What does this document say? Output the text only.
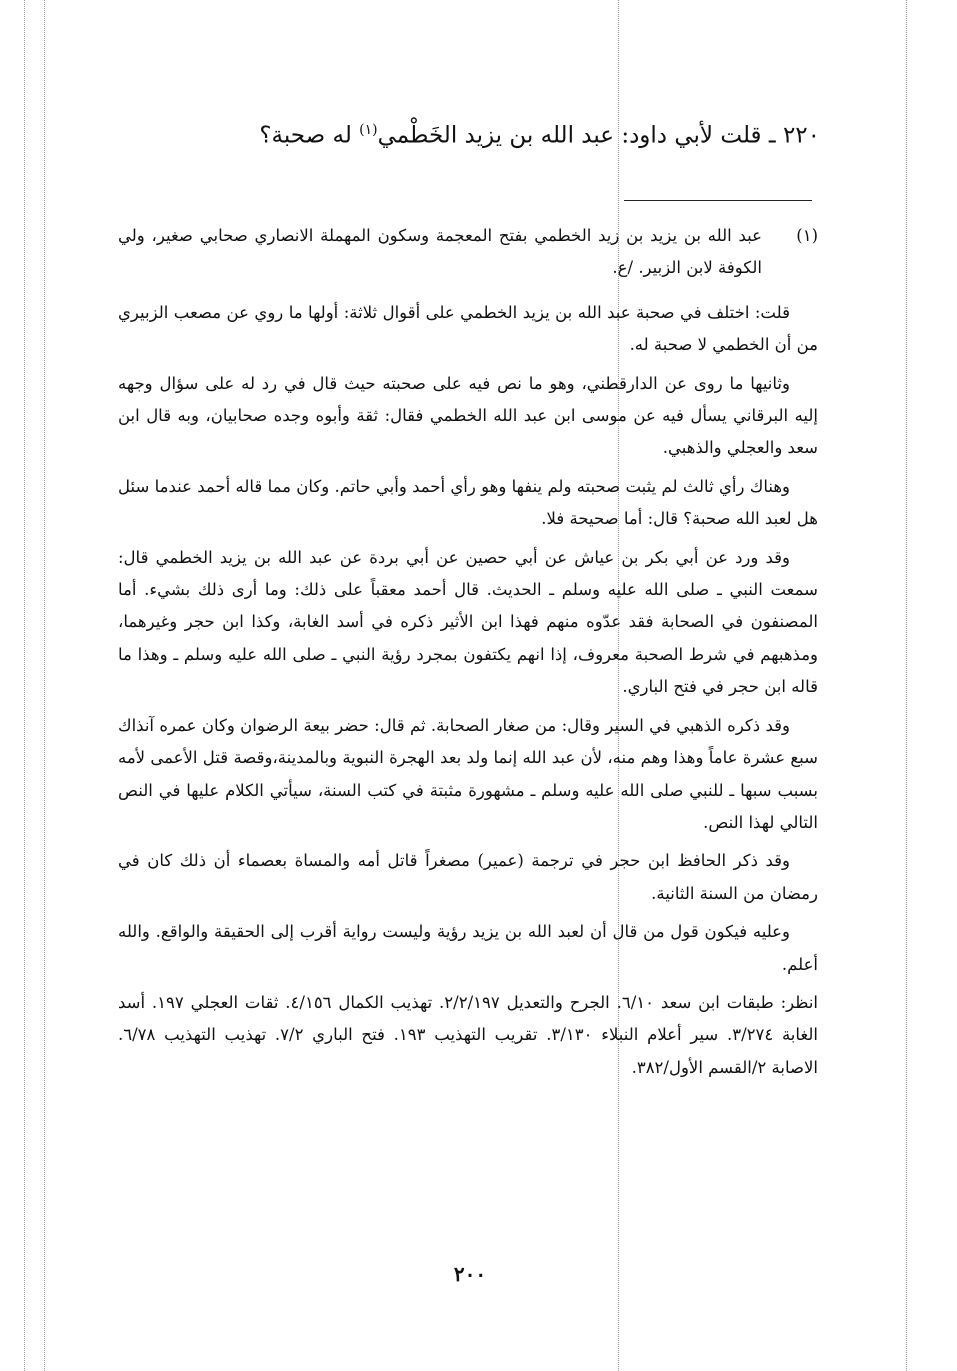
٢٢٠ ـ قلت لأبي داود: عبد الله بن يزيد الخَطْمي$^{(١)}$ له صحبة؟
(١)

عبد الله بن يزيد بن زيد الخطمي بفتح المعجمة وسكون المهملة الانصاري صحابي صغير، ولي الكوفة لابن الزبير. /ع.

قلت: اختلف في صحبة عبد الله بن يزيد الخطمي على أقوال ثلاثة: أولها ما روي عن مصعب الزبيري من أن الخطمي لا صحبة له.

وثانيها ما روى عن الدارقطني، وهو ما نص فيه على صحبته حيث قال في رد له على سؤال وجهه إليه البرقاني يسأل فيه عن موسى ابن عبد الله الخطمي فقال: ثقة وأبوه وجده صحابيان، وبه قال ابن سعد والعجلي والذهبي.

وهناك رأي ثالث لم يثبت صحبته ولم ينفها وهو رأي أحمد وأبي حاتم. وكان مما قاله أحمد عندما سئل هل لعبد الله صحبة؟ قال: أما صحيحة فلا.

وقد ورد عن أبي بكر بن عياش عن أبي حصين عن أبي بردة عن عبد الله بن يزيد الخطمي قال: سمعت النبي ـ صلى الله عليه وسلم ـ الحديث. قال أحمد معقباً على ذلك: وما أرى ذلك بشيء. أما المصنفون في الصحابة فقد عدّوه منهم فهذا ابن الأثير ذكره في أسد الغابة، وكذا ابن حجر وغيرهما، ومذهبهم في شرط الصحبة معروف، إذا انهم يكتفون بمجرد رؤية النبي ـ صلى الله عليه وسلم ـ وهذا ما قاله ابن حجر في فتح الباري.

وقد ذكره الذهبي في السير وقال: من صغار الصحابة. ثم قال: حضر بيعة الرضوان وكان عمره آنذاك سبع عشرة عاماً وهذا وهم منه، لأن عبد الله إنما ولد بعد الهجرة النبوية وبالمدينة،وقصة قتل الأعمى لأمه بسبب سبها ـ للنبي صلى الله عليه وسلم ـ مشهورة مثبتة في كتب السنة، سيأتي الكلام عليها في النص التالي لهذا النص.

وقد ذكر الحافظ ابن حجر في ترجمة (عمير) مصغراً قاتل أمه والمساة بعصماء أن ذلك كان في رمضان من السنة الثانية.

وعليه فيكون قول من قال أن لعبد الله بن يزيد رؤية وليست رواية أقرب إلى الحقيقة والواقع. والله أعلم.

انظر: طبقات ابن سعد ٦/١٠. الجرح والتعديل ٢/٢/١٩٧. تهذيب الكمال ٤/١٥٦. ثقات العجلي ١٩٧. أسد الغابة ٣/٢٧٤. سير أعلام النبلاء ٣/١٣٠. تقريب التهذيب ١٩٣. فتح الباري ٧/٢. تهذيب التهذيب ٦/٧٨. الاصابة ٢/القسم الأول/٣٨٢.

٢٠٠
